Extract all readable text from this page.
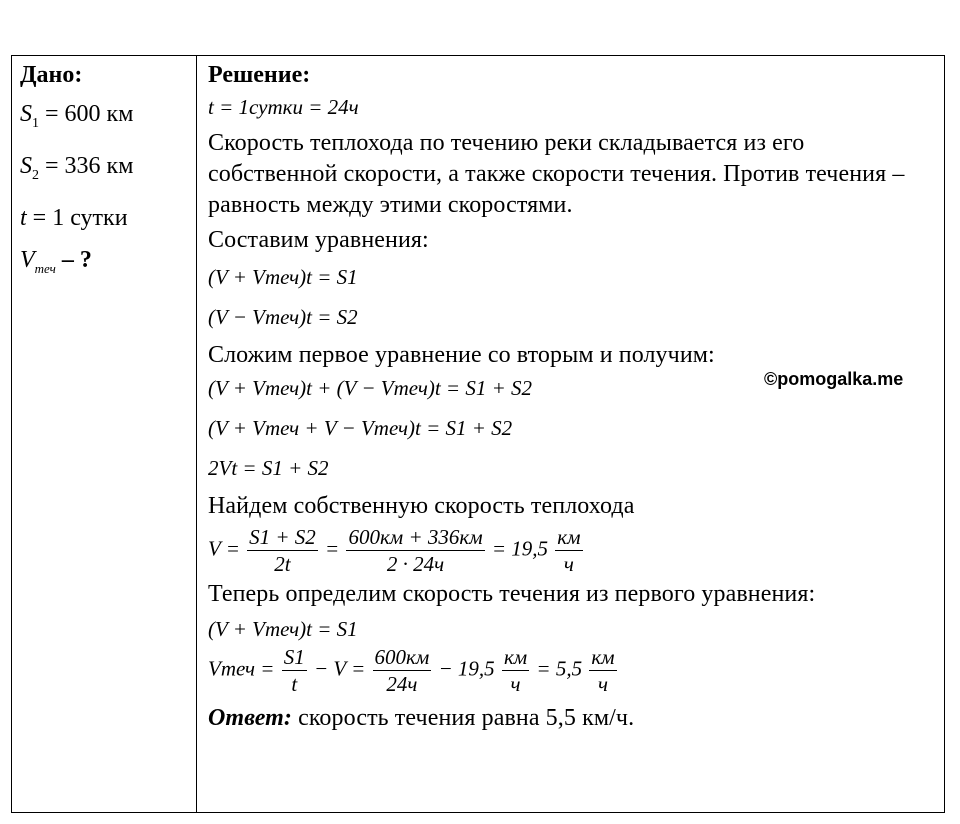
Дано:
$S_1 = 600$ км
$S_2 = 336$ км
t = 1 сутки
$V_{теч}$ – ?
Решение:
t = 1сутки = 24ч
Скорость теплохода по течению реки складывается из его собственной скорости, а также скорости течения. Против течения – равность между этими скоростями.
Составим уравнения:
(V + Vтеч)t = S1
(V − Vтеч)t = S2
Сложим первое уравнение со вторым и получим:
(V + Vтеч)t + (V − Vтеч)t = S1 + S2
(V + Vтеч + V − Vтеч)t = S1 + S2
2Vt = S1 + S2
Найдем собственную скорость теплохода
$V = \frac{S1 + S2}{2t} = \frac{600км + 336км}{2 \cdot 24ч} = 19,5 \frac{км}{ч}$
Теперь определим скорость течения из первого уравнения:
(V + Vтеч)t = S1
Vтеч = $\frac{S1}{t} - V = \frac{600км}{24ч} - 19,5 \frac{км}{ч} = 5,5 \frac{км}{ч}$
Ответ: скорость течения равна 5,5 км/ч.
©pomogalka.me
